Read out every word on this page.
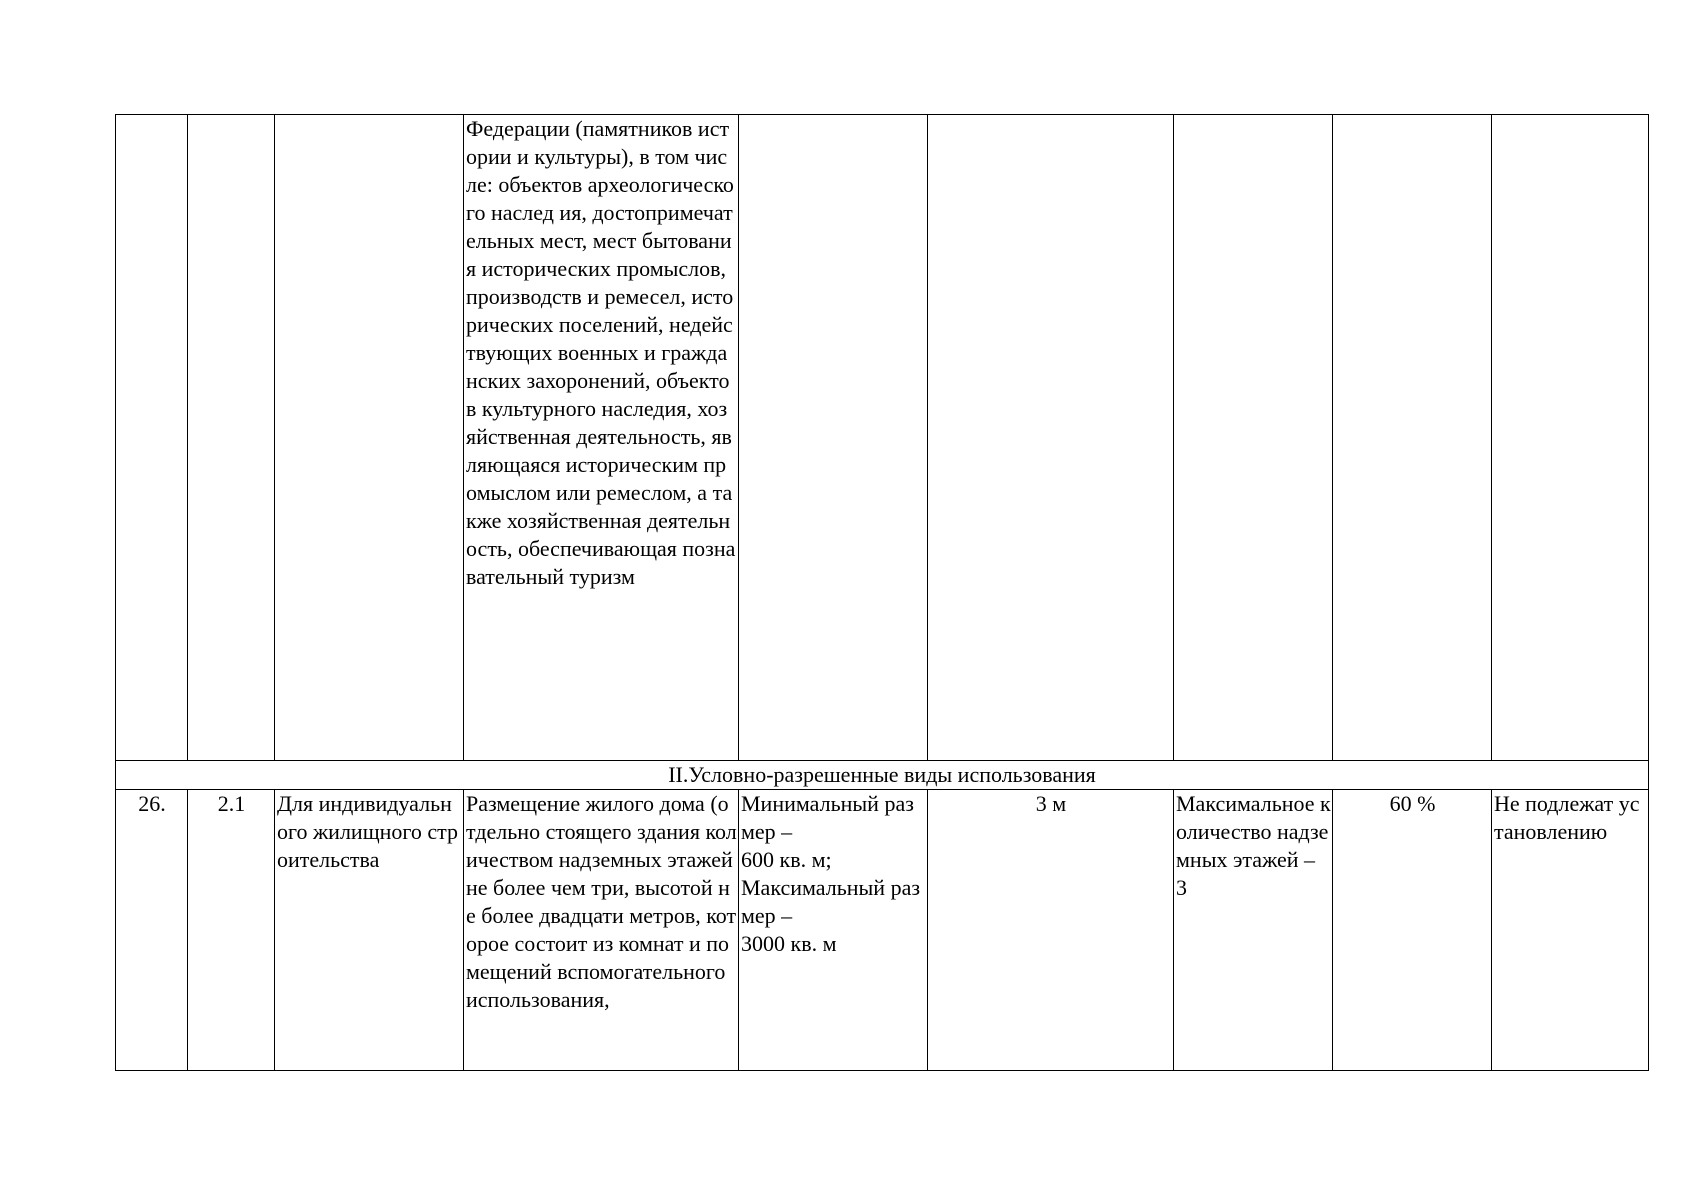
			Федерации (памятников истории и культуры), в том числе: объектов археологического наслед ия, достопримечательных мест, мест бытования исторических промыслов, производств и ремесел, исторических поселений, недействующих военных и гражданских захоронений, объектов культурного наследия, хозяйственная деятельность, являющаяся историческим промыслом или ремеслом, а также хозяйственная деятельность, обеспечивающая познавательный туризм					
II.Условно-разрешенные виды использования								
26.	2.1	Для индивидуального жилищного строительства	Размещение жилого дома (отдельно стоящего здания количеством надземных этажей не более чем три, высотой не более двадцати метров, которое состоит из комнат и помещений вспомогательного использования,	Минимальный размер –
600 кв. м;
Максимальный размер –
3000 кв. м	3 м	Максимальное количество надземных этажей – 3	60 %	Не подлежат установлению
